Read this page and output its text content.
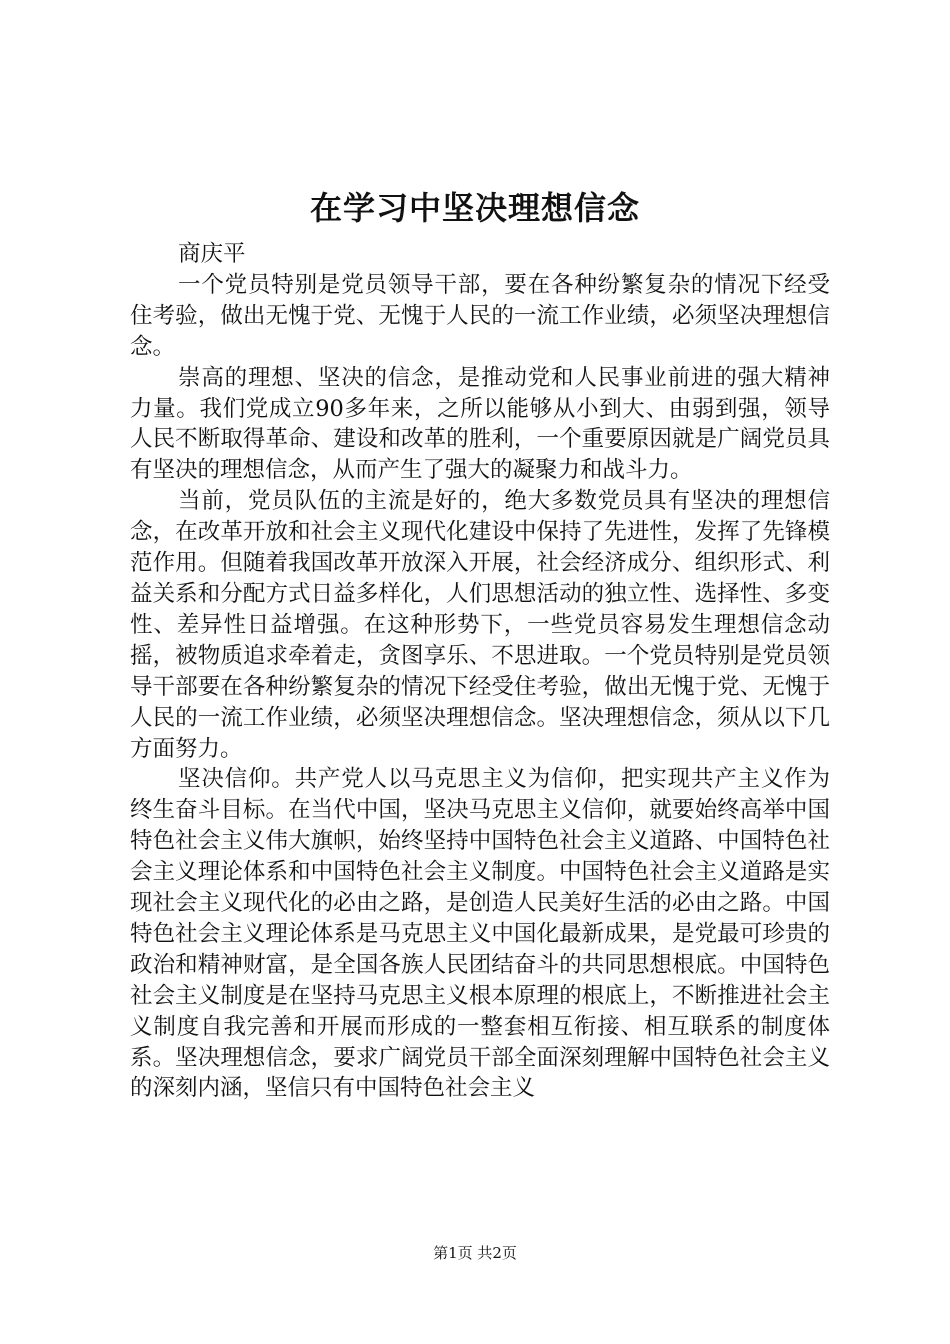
在学习中坚决理想信念

商庆平

一个党员特别是党员领导干部，要在各种纷繁复杂的情况下经受住考验，做出无愧于党、无愧于人民的一流工作业绩，必须坚决理想信念。

崇高的理想、坚决的信念，是推动党和人民事业前进的强大精神力量。我们党成立90多年来，之所以能够从小到大、由弱到强，领导人民不断取得革命、建设和改革的胜利，一个重要原因就是广阔党员具有坚决的理想信念，从而产生了强大的凝聚力和战斗力。

当前，党员队伍的主流是好的，绝大多数党员具有坚决的理想信念，在改革开放和社会主义现代化建设中保持了先进性，发挥了先锋模范作用。但随着我国改革开放深入开展，社会经济成分、组织形式、利益关系和分配方式日益多样化，人们思想活动的独立性、选择性、多变性、差异性日益增强。在这种形势下，一些党员容易发生理想信念动摇，被物质追求牵着走，贪图享乐、不思进取。一个党员特别是党员领导干部要在各种纷繁复杂的情况下经受住考验，做出无愧于党、无愧于人民的一流工作业绩，必须坚决理想信念。坚决理想信念，须从以下几方面努力。

坚决信仰。共产党人以马克思主义为信仰，把实现共产主义作为终生奋斗目标。在当代中国，坚决马克思主义信仰，就要始终高举中国特色社会主义伟大旗帜，始终坚持中国特色社会主义道路、中国特色社会主义理论体系和中国特色社会主义制度。中国特色社会主义道路是实现社会主义现代化的必由之路，是创造人民美好生活的必由之路。中国特色社会主义理论体系是马克思主义中国化最新成果，是党最可珍贵的政治和精神财富，是全国各族人民团结奋斗的共同思想根底。中国特色社会主义制度是在坚持马克思主义根本原理的根底上，不断推进社会主义制度自我完善和开展而形成的一整套相互衔接、相互联系的制度体系。坚决理想信念，要求广阔党员干部全面深刻理解中国特色社会主义的深刻内涵，坚信只有中国特色社会主义

第1页 共2页
